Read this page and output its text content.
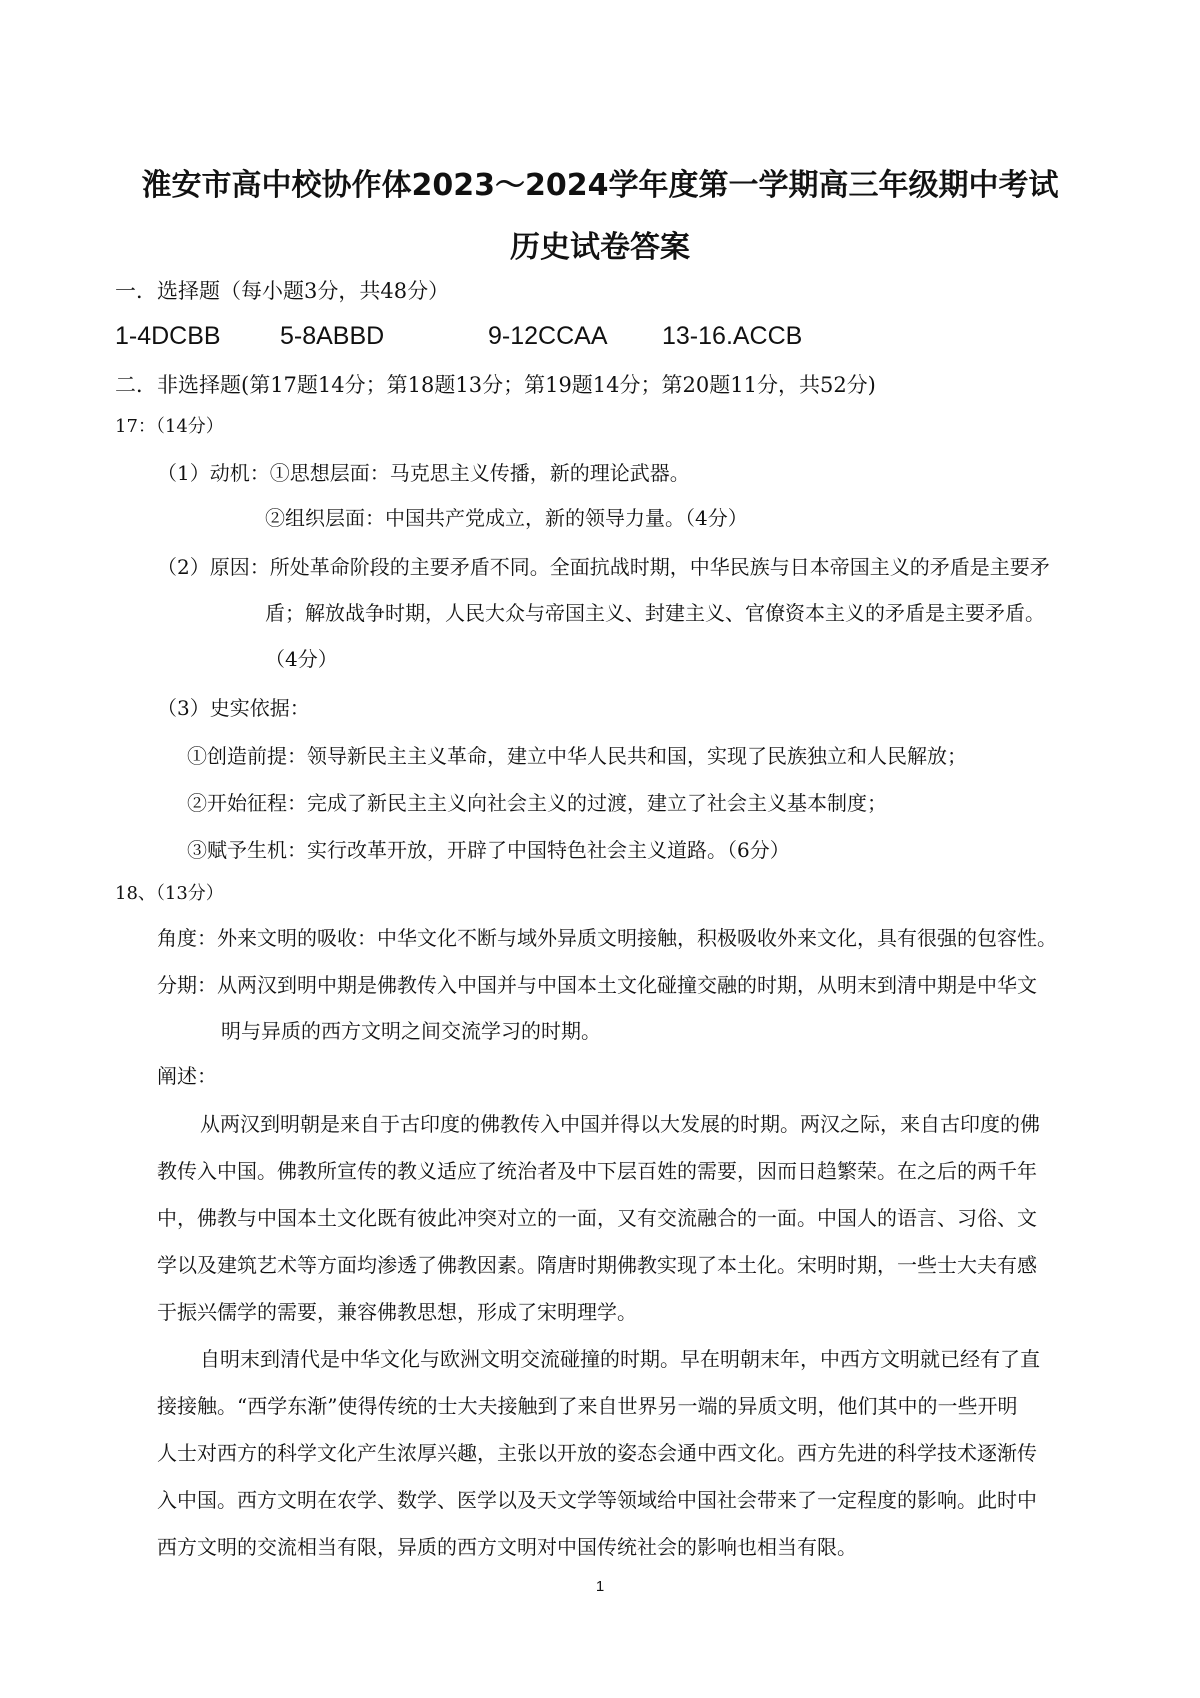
淮安市高中校协作体2023～2024学年度第一学期高三年级期中考试
历史试卷答案

一．选择题（每小题3分，共48分）

1-4DCBB 5-8ABBD	9-12CCAA 13-16.ACCB

二．非选择题(第17题14分；第18题13分；第19题14分；第20题11分，共52分)

17：（14分）

（1）动机：①思想层面：马克思主义传播，新的理论武器。

②组织层面：中国共产党成立，新的领导力量。（4分）

（2）原因：所处革命阶段的主要矛盾不同。全面抗战时期，中华民族与日本帝国主义的矛盾是主要矛

盾；解放战争时期，人民大众与帝国主义、封建主义、官僚资本主义的矛盾是主要矛盾。

（4分）

（3）史实依据：

①创造前提：领导新民主主义革命，建立中华人民共和国，实现了民族独立和人民解放；

②开始征程：完成了新民主主义向社会主义的过渡，建立了社会主义基本制度；

③赋予生机：实行改革开放，开辟了中国特色社会主义道路。（6分）

18、（13分）

角度：外来文明的吸收：中华文化不断与域外异质文明接触，积极吸收外来文化，具有很强的包容性。

分期：从两汉到明中期是佛教传入中国并与中国本土文化碰撞交融的时期，从明末到清中期是中华文

明与异质的西方文明之间交流学习的时期。

阐述：

从两汉到明朝是来自于古印度的佛教传入中国并得以大发展的时期。两汉之际，来自古印度的佛

教传入中国。佛教所宣传的教义适应了统治者及中下层百姓的需要，因而日趋繁荣。在之后的两千年

中，佛教与中国本土文化既有彼此冲突对立的一面，又有交流融合的一面。中国人的语言、习俗、文

学以及建筑艺术等方面均渗透了佛教因素。隋唐时期佛教实现了本土化。宋明时期，一些士大夫有感

于振兴儒学的需要，兼容佛教思想，形成了宋明理学。

自明末到清代是中华文化与欧洲文明交流碰撞的时期。早在明朝末年，中西方文明就已经有了直

接接触。“西学东渐”使得传统的士大夫接触到了来自世界另一端的异质文明，他们其中的一些开明

人士对西方的科学文化产生浓厚兴趣，主张以开放的姿态会通中西文化。西方先进的科学技术逐渐传

入中国。西方文明在农学、数学、医学以及天文学等领域给中国社会带来了一定程度的影响。此时中

西方文明的交流相当有限，异质的西方文明对中国传统社会的影响也相当有限。

1
